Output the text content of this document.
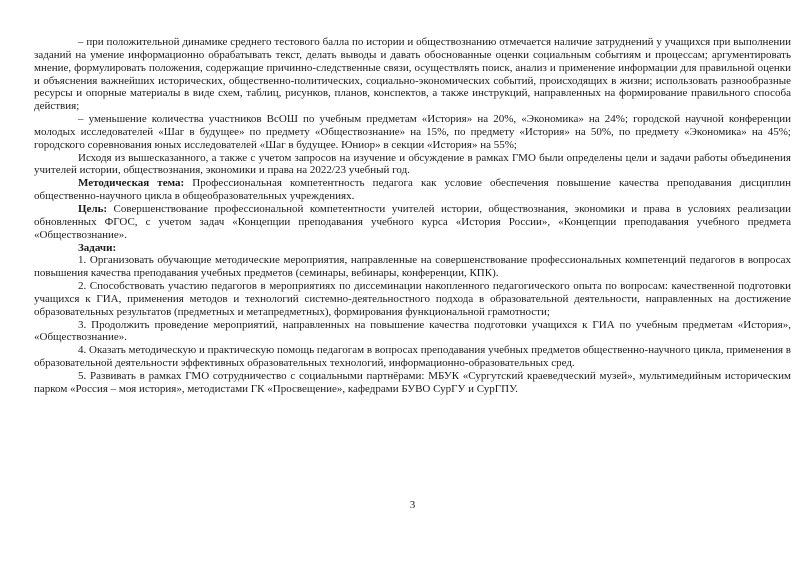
– при положительной динамике среднего тестового балла по истории и обществознанию отмечается наличие затруднений у учащихся при выполнении заданий на умение информационно обрабатывать текст, делать выводы и давать обоснованные оценки социальным событиям и процессам; аргументировать мнение, формулировать положения, содержащие причинно-следственные связи, осуществлять поиск, анализ и применение информации для правильной оценки и объяснения важнейших исторических, общественно-политических, социально-экономических событий, происходящих в жизни; использовать разнообразные ресурсы и опорные материалы в виде схем, таблиц, рисунков, планов, конспектов, а также инструкций, направленных на формирование правильного способа действия;

– уменьшение количества участников ВсОШ по учебным предметам «История» на 20%, «Экономика» на 24%; городской научной конференции молодых исследователей «Шаг в будущее» по предмету «Обществознание» на 15%, по предмету «История» на 50%, по предмету «Экономика» на 45%; городского соревнования юных исследователей «Шаг в будущее. Юниор» в секции «История» на 55%;

Исходя из вышесказанного, а также с учетом запросов на изучение и обсуждение в рамках ГМО были определены цели и задачи работы объединения учителей истории, обществознания, экономики и права на 2022/23 учебный год.

Методическая тема: Профессиональная компетентность педагога как условие обеспечения повышение качества преподавания дисциплин общественно-научного цикла в общеобразовательных учреждениях.

Цель: Совершенствование профессиональной компетентности учителей истории, обществознания, экономики и права в условиях реализации обновленных ФГОС, с учетом задач «Концепции преподавания учебного курса «История России», «Концепции преподавания учебного предмета «Обществознание».

Задачи:

1. Организовать обучающие методические мероприятия, направленные на совершенствование профессиональных компетенций педагогов в вопросах повышения качества преподавания учебных предметов (семинары, вебинары, конференции, КПК).

2. Способствовать участию педагогов в мероприятиях по диссеминации накопленного педагогического опыта по вопросам: качественной подготовки учащихся к ГИА, применения методов и технологий системно-деятельностного подхода в образовательной деятельности, направленных на достижение образовательных результатов (предметных и метапредметных), формирования функциональной грамотности;

3. Продолжить проведение мероприятий, направленных на повышение качества подготовки учащихся к ГИА по учебным предметам «История», «Обществознание».

4. Оказать методическую и практическую помощь педагогам в вопросах преподавания учебных предметов общественно-научного цикла, применения в образовательной деятельности эффективных образовательных технологий, информационно-образовательных сред.

5. Развивать в рамках ГМО сотрудничество с социальными партнёрами: МБУК «Сургутский краеведческий музей», мультимедийным историческим парком «Россия – моя история», методистами ГК «Просвещение», кафедрами БУВО СурГУ и СурГПУ.

3
